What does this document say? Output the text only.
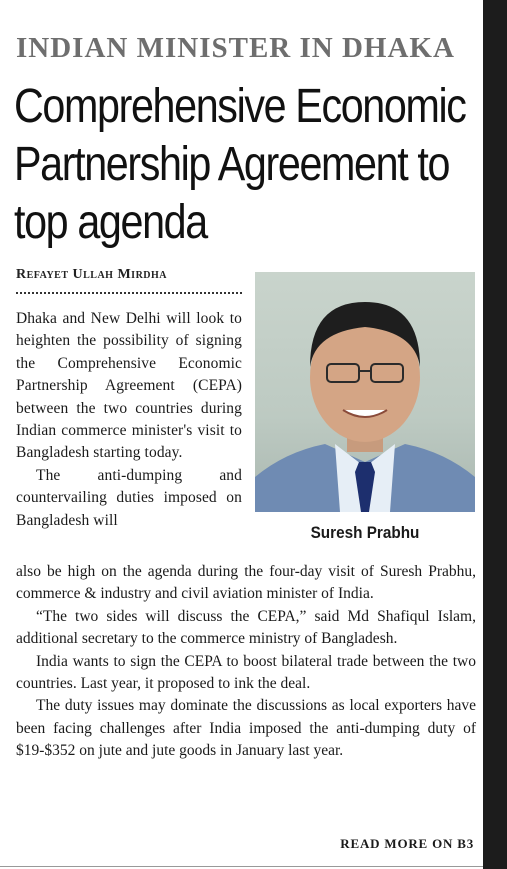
INDIAN MINISTER IN DHAKA
Comprehensive Economic Partnership Agreement to top agenda
Refayet Ullah Mirdha

Dhaka and New Delhi will look to heighten the possibility of signing the Comprehensive Economic Partnership Agreement (CEPA) between the two countries during Indian commerce minister's visit to Bangladesh starting today.

The anti-dumping and countervailing duties imposed on Bangladesh will

Suresh Prabhu

also be high on the agenda during the four-day visit of Suresh Prabhu, commerce & industry and civil aviation minister of India.

“The two sides will discuss the CEPA,” said Md Shafiqul Islam, additional secretary to the commerce ministry of Bangladesh.

India wants to sign the CEPA to boost bilateral trade between the two countries. Last year, it proposed to ink the deal.

The duty issues may dominate the discussions as local exporters have been facing challenges after India imposed the anti-dumping duty of $19-$352 on jute and jute goods in January last year.

READ MORE ON B3
